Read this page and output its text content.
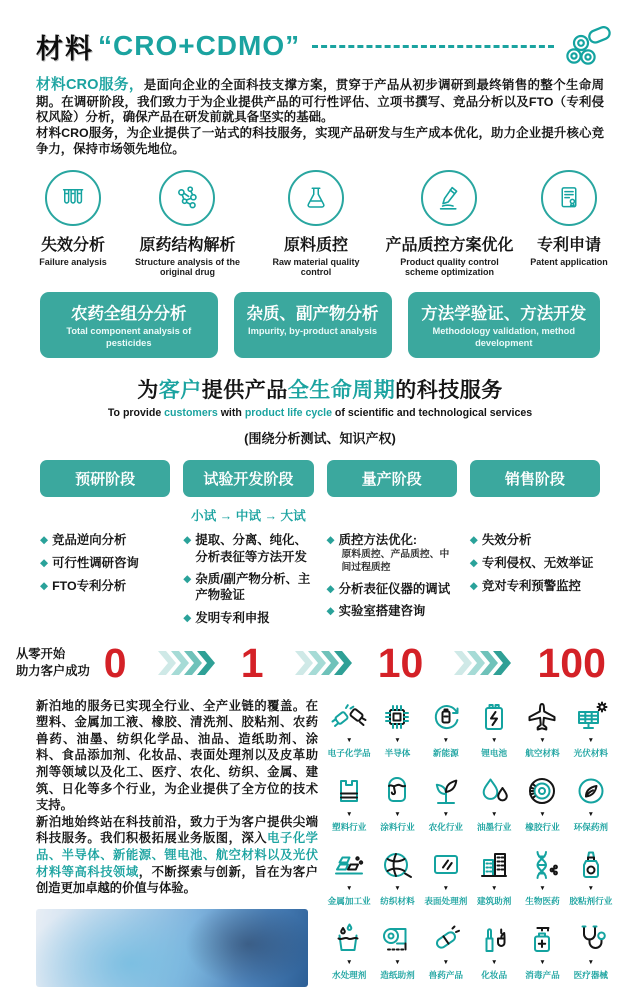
材料 “CRO+CDMO”

材料CRO服务，是面向企业的全面科技支撑方案，贯穿于产品从初步调研到最终销售的整个生命周期。在调研阶段，我们致力于为企业提供产品的可行性评估、立项书撰写、竞品分析以及FTO（专利侵权风险）分析，确保产品在研发前就具备坚实的基础。

材料CRO服务，为企业提供了一站式的科技服务，实现产品研发与生产成本优化，助力企业提升核心竞争力，保持市场领先地位。

失效分析
Failure analysis
原药结构解析
Structure analysis of the original drug
原料质控
Raw material quality control
产品质控方案优化
Product quality control scheme optimization
专利申请
Patent application
农药全组分分析
Total component analysis of pesticides
杂质、副产物分析
Impurity, by-product analysis
方法学验证、方法开发
Methodology validation, method development
为客户提供产品全生命周期的科技服务
To provide customers with product life cycle of scientific and technological services
(围绕分析测试、知识产权)
预研阶段
◆ 竞品逆向分析
◆ 可行性调研咨询
◆ FTO专利分析
试验开发阶段
小试 → 中试 → 大试
◆ 提取、分离、纯化、分析表征等方法开发
◆ 杂质/副产物分析、主产物验证
◆ 发明专利申报
量产阶段
◆ 质控方法优化:
原料质控、产品质控、中间过程质控
◆ 分析表征仪器的调试
◆ 实验室搭建咨询
销售阶段
◆ 失效分析
◆ 专利侵权、无效举证
◆ 竞对专利预警监控
从零开始
助力客户成功 0	1	10	100

新泊地的服务已实现全行业、全产业链的覆盖。在塑料、金属加工液、橡胶、清洗剂、胶粘剂、农药兽药、油墨、纺织化学品、油品、造纸助剂、涂料、食品添加剂、化妆品、表面处理剂以及皮革助剂等领域以及化工、医疗、农化、纺织、金属、建筑、日化等多个行业，为企业提供了全方位的技术支持。

新泊地始终站在科技前沿，致力于为客户提供尖端科技服务。我们积极拓展业务版图，深入电子化学品、半导体、新能源、锂电池、航空材料以及光伏材料等高科技领域，不断探索与创新，旨在为客户创造更加卓越的价值与体验。

▼
电子化学品
▼
半导体
▼
新能源
▼
锂电池
▼
航空材料
▼
光伏材料
▼
塑料行业
▼
涂料行业
▼
农化行业
▼
油墨行业
▼
橡胶行业
▼
环保药剂
▼
金属加工业
▼
纺织材料
▼
表面处理剂
▼
建筑助剂
▼
生物医药
▼
胶粘剂行业
▼
水处理剂
▼
造纸助剂
▼
兽药产品
▼
化妆品
▼
消毒产品
▼
医疗器械
